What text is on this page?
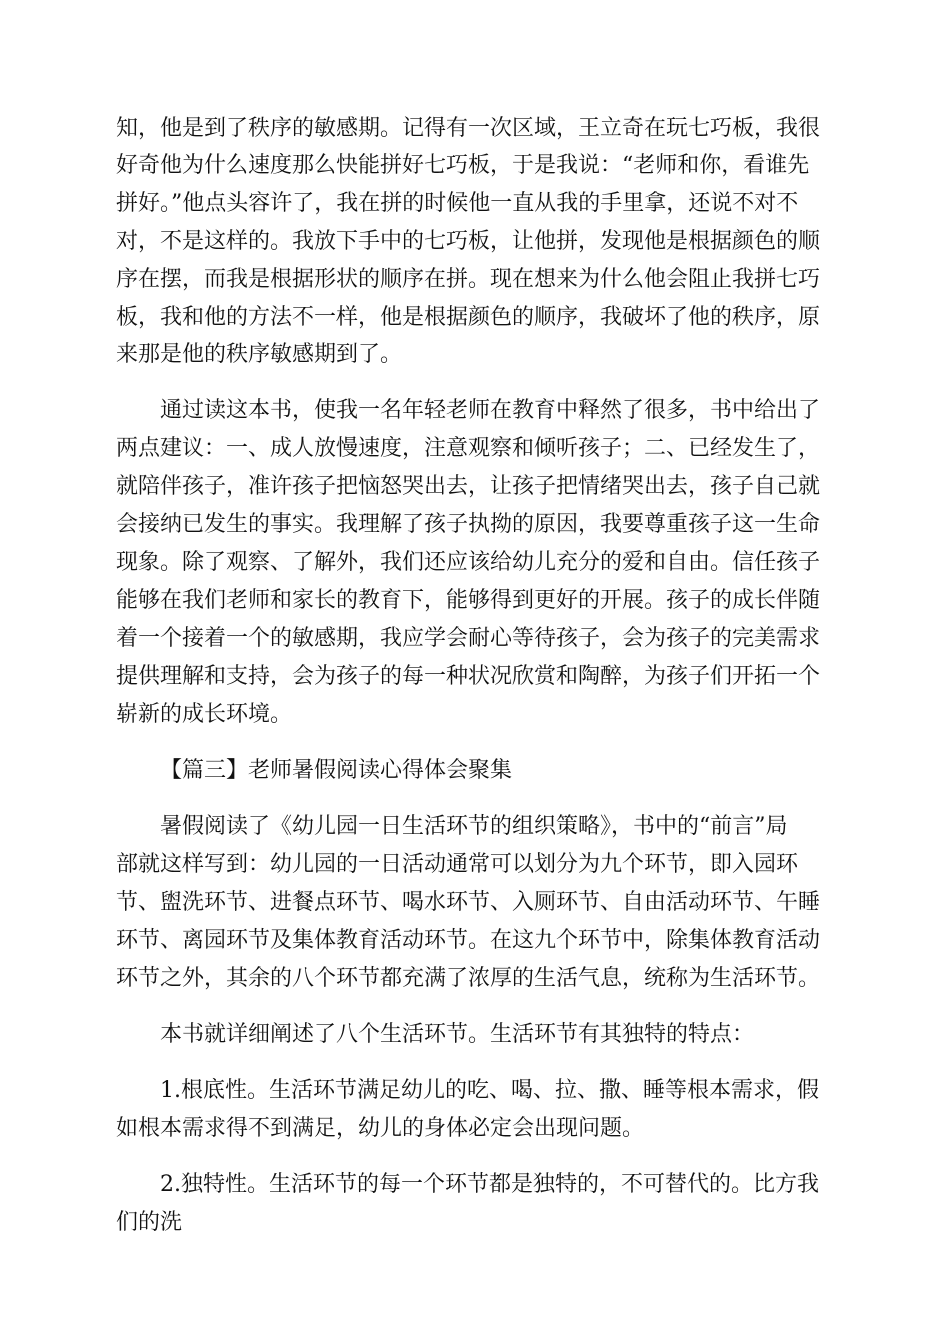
知，他是到了秩序的敏感期。记得有一次区域，王立奇在玩七巧板，我很

好奇他为什么速度那么快能拼好七巧板，于是我说：“老师和你，看谁先

拼好。”他点头容许了，我在拼的时候他一直从我的手里拿，还说不对不

对，不是这样的。我放下手中的七巧板，让他拼，发现他是根据颜色的顺

序在摆，而我是根据形状的顺序在拼。现在想来为什么他会阻止我拼七巧

板，我和他的方法不一样，他是根据颜色的顺序，我破坏了他的秩序，原

来那是他的秩序敏感期到了。

通过读这本书，使我一名年轻老师在教育中释然了很多，书中给出了

两点建议：一、成人放慢速度，注意观察和倾听孩子；二、已经发生了，

就陪伴孩子，准许孩子把恼怒哭出去，让孩子把情绪哭出去，孩子自己就

会接纳已发生的事实。我理解了孩子执拗的原因，我要尊重孩子这一生命

现象。除了观察、了解外，我们还应该给幼儿充分的爱和自由。信任孩子

能够在我们老师和家长的教育下，能够得到更好的开展。孩子的成长伴随

着一个接着一个的敏感期，我应学会耐心等待孩子，会为孩子的完美需求

提供理解和支持，会为孩子的每一种状况欣赏和陶醉，为孩子们开拓一个

崭新的成长环境。

【篇三】老师暑假阅读心得体会聚集

暑假阅读了《幼儿园一日生活环节的组织策略》，书中的“前言”局

部就这样写到：幼儿园的一日活动通常可以划分为九个环节，即入园环

节、盥洗环节、进餐点环节、喝水环节、入厕环节、自由活动环节、午睡

环节、离园环节及集体教育活动环节。在这九个环节中，除集体教育活动

环节之外，其余的八个环节都充满了浓厚的生活气息，统称为生活环节。

本书就详细阐述了八个生活环节。生活环节有其独特的特点：

1.根底性。生活环节满足幼儿的吃、喝、拉、撒、睡等根本需求，假

如根本需求得不到满足，幼儿的身体必定会出现问题。

2.独特性。生活环节的每一个环节都是独特的，不可替代的。比方我

们的洗
